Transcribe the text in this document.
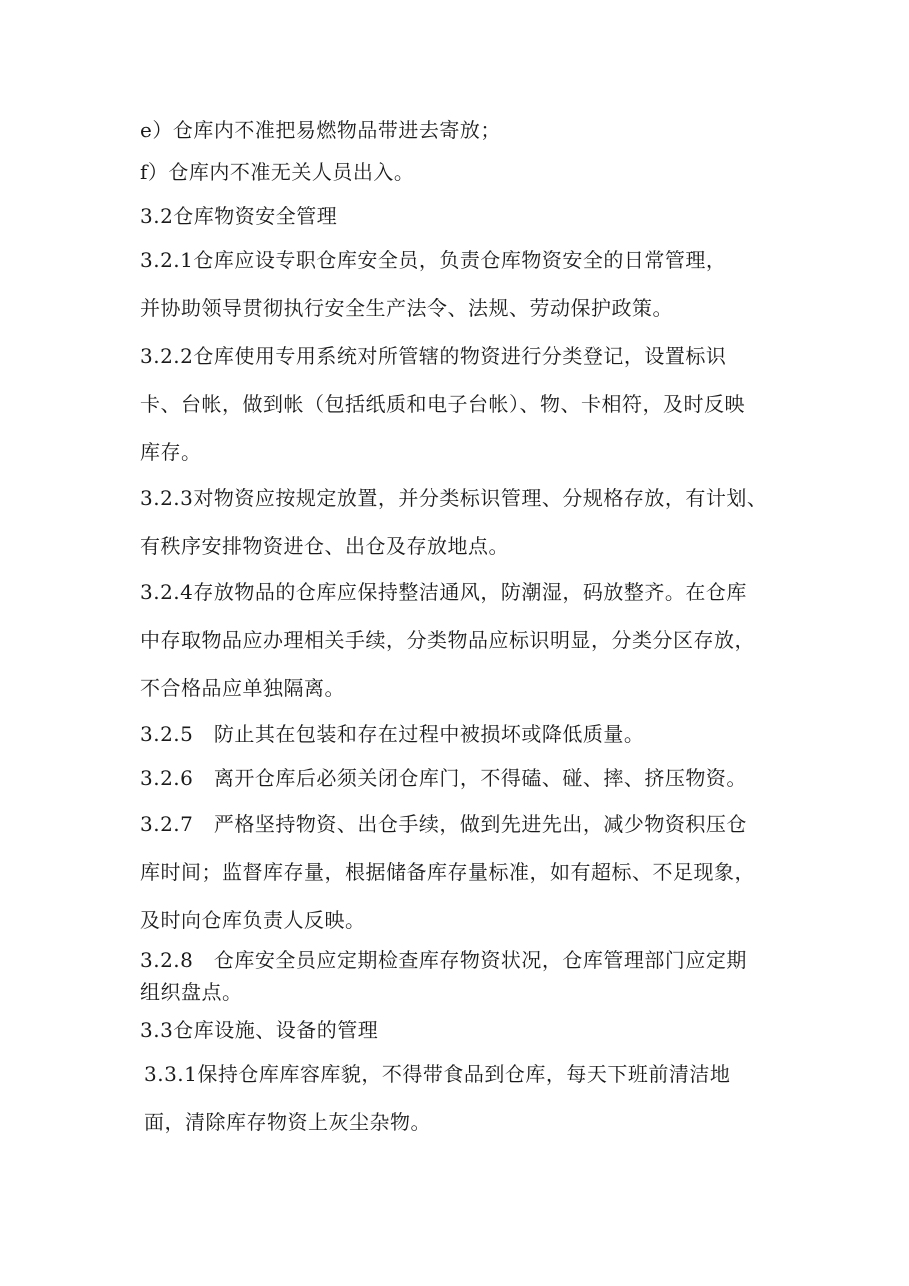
e）仓库内不准把易燃物品带进去寄放；
f）仓库内不准无关人员出入。
3.2仓库物资安全管理
3.2.1仓库应设专职仓库安全员，负责仓库物资安全的日常管理，
并协助领导贯彻执行安全生产法令、法规、劳动保护政策。
3.2.2仓库使用专用系统对所管辖的物资进行分类登记，设置标识
卡、台帐，做到帐（包括纸质和电子台帐）、物、卡相符，及时反映
库存。
3.2.3对物资应按规定放置，并分类标识管理、分规格存放，有计划、
有秩序安排物资进仓、出仓及存放地点。
3.2.4存放物品的仓库应保持整洁通风，防潮湿，码放整齐。在仓库
中存取物品应办理相关手续，分类物品应标识明显，分类分区存放，
不合格品应单独隔离。
3.2.5　防止其在包装和存在过程中被损坏或降低质量。
3.2.6　离开仓库后必须关闭仓库门，不得磕、碰、摔、挤压物资。
3.2.7　严格坚持物资、出仓手续，做到先进先出，减少物资积压仓
库时间；监督库存量，根据储备库存量标准，如有超标、不足现象，
及时向仓库负责人反映。
3.2.8　仓库安全员应定期检查库存物资状况，仓库管理部门应定期
组织盘点。
3.3仓库设施、设备的管理
3.3.1保持仓库库容库貌，不得带食品到仓库，每天下班前清洁地
面，清除库存物资上灰尘杂物。
